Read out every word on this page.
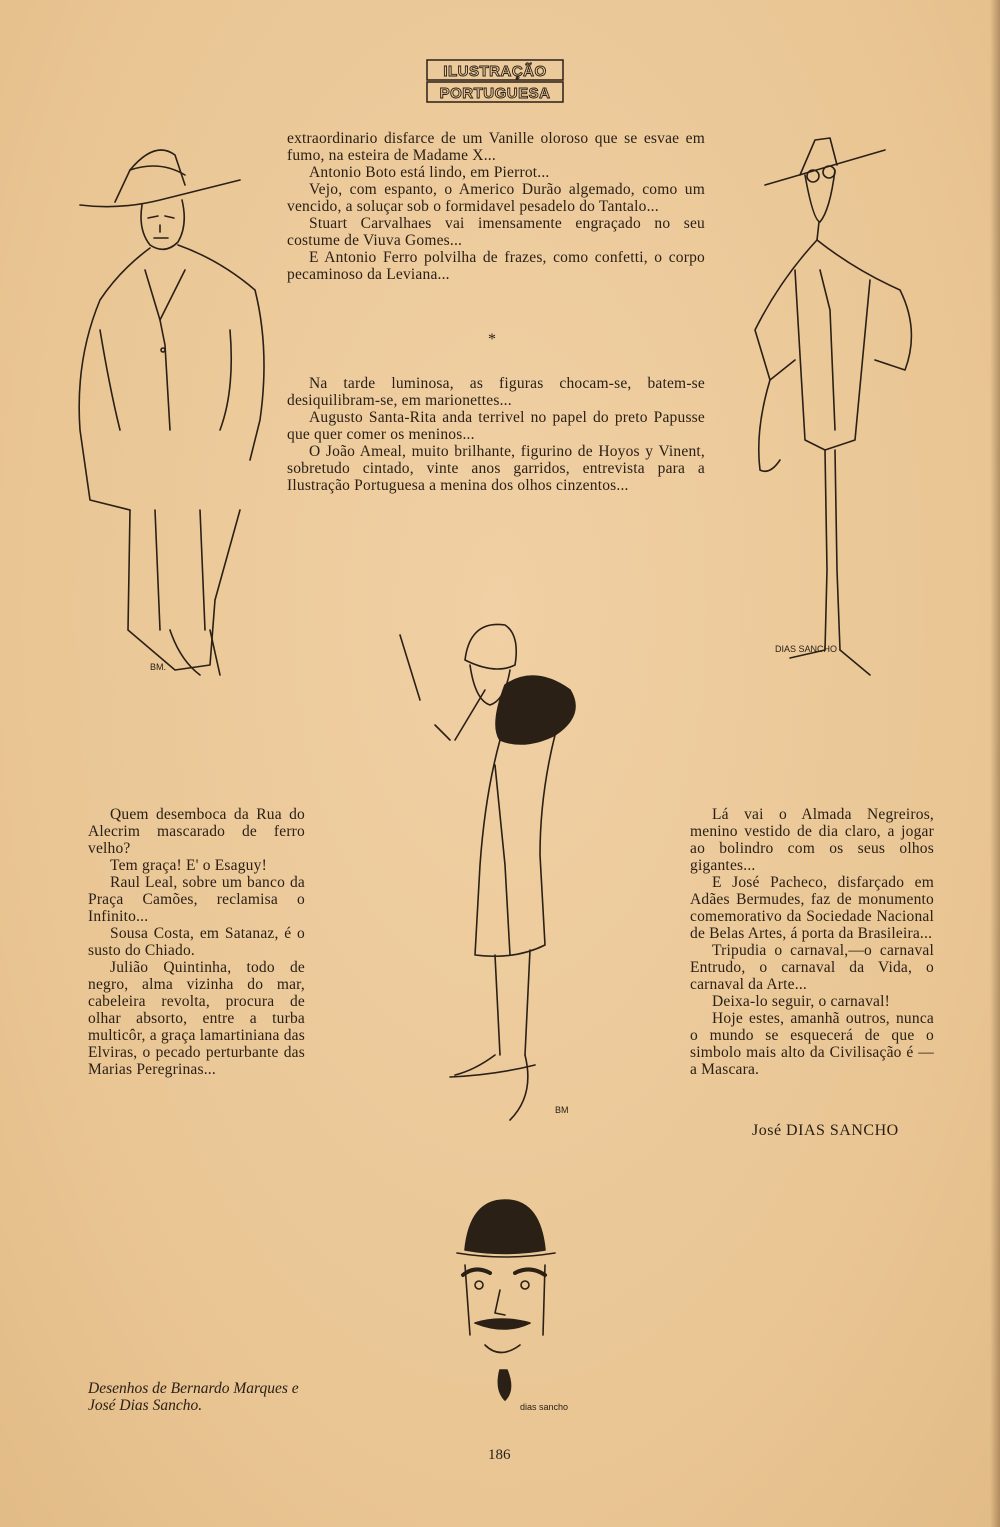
ILUSTRAÇÃO
PORTUGUESA

extraordinario disfarce de um Vanille oloroso que se esvae em fumo, na esteira de Madame X...

Antonio Boto está lindo, em Pierrot...

Vejo, com espanto, o Americo Durão algemado, como um vencido, a soluçar sob o formidavel pesadelo do Tantalo...

Stuart Carvalhaes vai imensamente engraçado no seu costume de Viuva Gomes...

E Antonio Ferro polvilha de frazes, como confetti, o corpo pecaminoso da Leviana...

*

Na tarde luminosa, as figuras chocam-se, batem-se desiquilibram-se, em marionettes...

Augusto Santa-Rita anda terrivel no papel do preto Papusse que quer comer os meninos...

O João Ameal, muito brilhante, figurino de Hoyos y Vinent, sobretudo cintado, vinte anos garridos, entrevista para a Ilustração Portuguesa a menina dos olhos cinzentos...

Quem desemboca da Rua do Alecrim mascarado de ferro velho?

Tem graça! E' o Esaguy!

Raul Leal, sobre um banco da Praça Camões, reclamisa o Infinito...

Sousa Costa, em Satanaz, é o susto do Chiado.

Julião Quintinha, todo de negro, alma vizinha do mar, cabeleira revolta, procura de olhar absorto, entre a turba multicôr, a graça lamartiniana das Elviras, o pecado perturbante das Marias Peregrinas...

Lá vai o Almada Negreiros, menino vestido de dia claro, a jogar ao bolindro com os seus olhos gigantes...

E José Pacheco, disfarçado em Adães Bermudes, faz de monumento comemorativo da Sociedade Nacional de Belas Artes, á porta da Brasileira...

Tripudia o carnaval,—o carnaval Entrudo, o carnaval da Vida, o carnaval da Arte...

Deixa-lo seguir, o carnaval!

Hoje estes, amanhã outros, nunca o mundo se esquecerá de que o simbolo mais alto da Civilisação é — a Mascara.

José DIAS SANCHO
Desenhos de Bernardo Marques e José Dias Sancho.
186
BM.
DIAS SANCHO
BM
dias sancho
